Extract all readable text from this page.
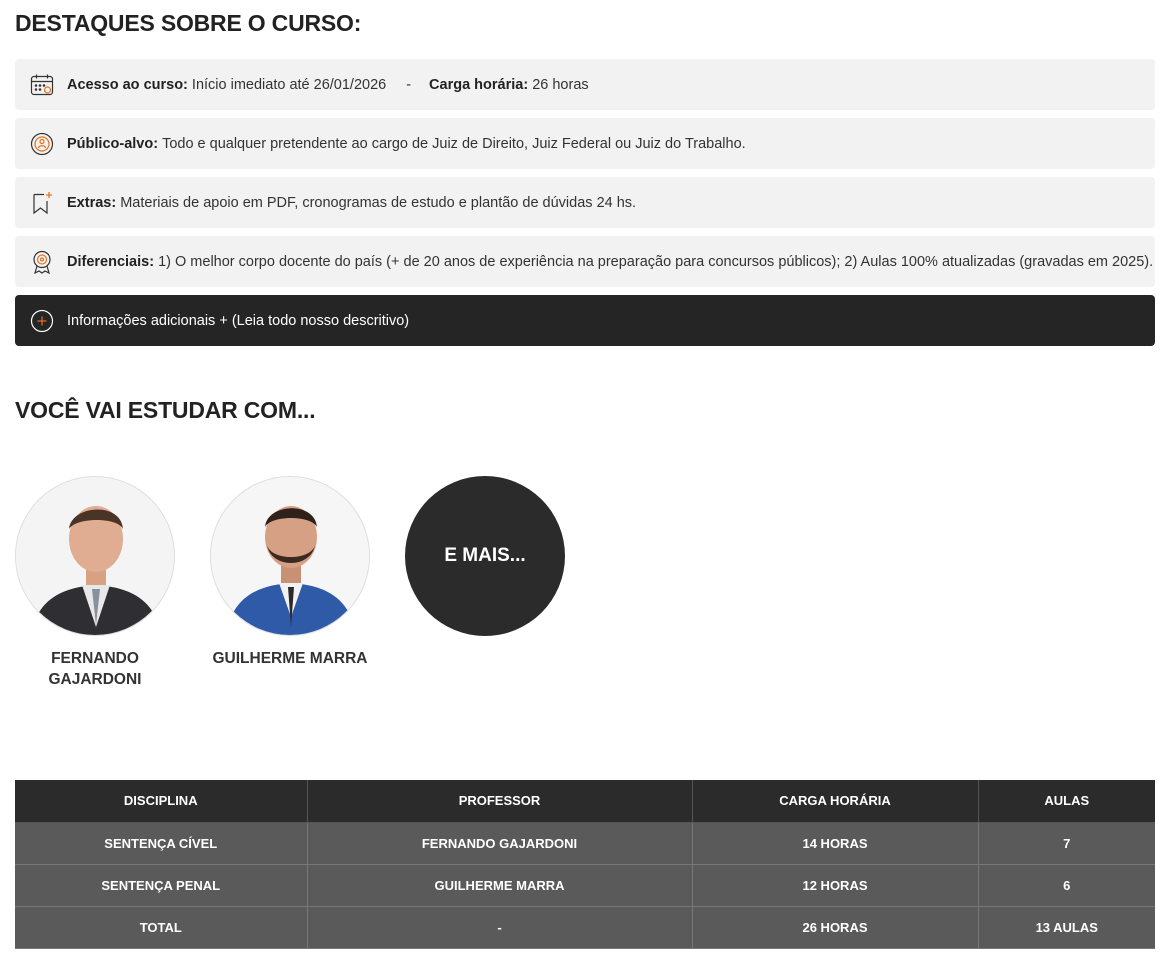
DESTAQUES SOBRE O CURSO:
Acesso ao curso:
Início imediato até 26/01/2026 - Carga horária:
26 horas
Público-alvo:
Todo e qualquer pretendente ao cargo de Juiz de Direito, Juiz Federal ou Juiz do Trabalho.
Extras:
Materiais de apoio em PDF, cronogramas de estudo e plantão de dúvidas 24 hs.
Diferenciais:
1) O melhor corpo docente do país (+ de 20 anos de experiência na preparação para concursos públicos); 2) Aulas 100% atualizadas (gravadas em 2025).
Informações adicionais + (Leia todo nosso descritivo)
VOCÊ VAI ESTUDAR COM...
FERNANDO GAJARDONI
GUILHERME MARRA
E MAIS...
DISCIPLINA	PROFESSOR	CARGA HORÁRIA	AULAS
SENTENÇA CÍVEL	FERNANDO GAJARDONI	14 HORAS	7
SENTENÇA PENAL	GUILHERME MARRA	12 HORAS	6
TOTAL	-	26 HORAS	13 AULAS
